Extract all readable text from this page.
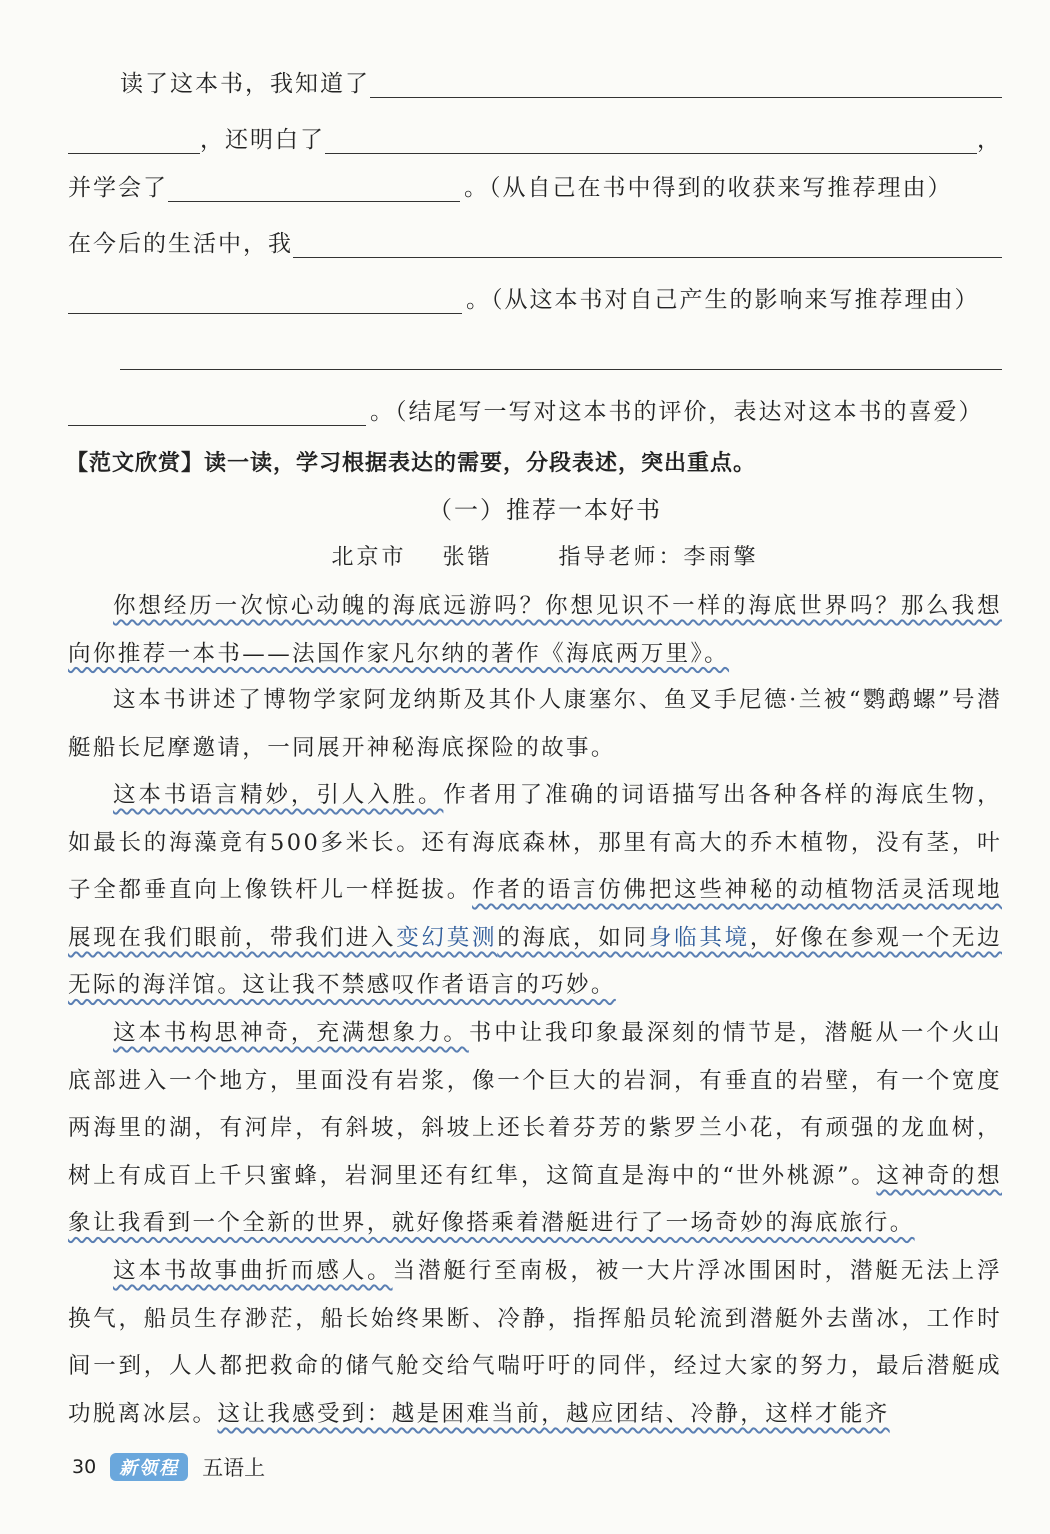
读了这本书，我知道了
，还明白了	，
并学会了	。（从自己在书中得到的收获来写推荐理由）
在今后的生活中，我
。（从这本书对自己产生的影响来写推荐理由）
。（结尾写一写对这本书的评价，表达对这本书的喜爱）
【范文欣赏】读一读，学习根据表达的需要，分段表述，突出重点。
（一）推荐一本好书
北京市 张锴	指导老师：李雨擎
你想经历一次惊心动魄的海底远游吗？你想见识不一样的海底世界吗？那么我想向你推荐一本书——法国作家凡尔纳的著作《海底两万里》。
这本书讲述了博物学家阿龙纳斯及其仆人康塞尔、鱼叉手尼德·兰被“鹦鹉螺”号潜艇船长尼摩邀请，一同展开神秘海底探险的故事。
这本书语言精妙，引人入胜。作者用了准确的词语描写出各种各样的海底生物，如最长的海藻竟有500多米长。还有海底森林，那里有高大的乔木植物，没有茎，叶子全都垂直向上像铁杆儿一样挺拔。作者的语言仿佛把这些神秘的动植物活灵活现地展现在我们眼前，带我们进入变幻莫测的海底，如同身临其境，好像在参观一个无边无际的海洋馆。这让我不禁感叹作者语言的巧妙。
这本书构思神奇，充满想象力。书中让我印象最深刻的情节是，潜艇从一个火山底部进入一个地方，里面没有岩浆，像一个巨大的岩洞，有垂直的岩壁，有一个宽度两海里的湖，有河岸，有斜坡，斜坡上还长着芬芳的紫罗兰小花，有顽强的龙血树，树上有成百上千只蜜蜂，岩洞里还有红隼，这简直是海中的“世外桃源”。这神奇的想象让我看到一个全新的世界，就好像搭乘着潜艇进行了一场奇妙的海底旅行。
这本书故事曲折而感人。当潜艇行至南极，被一大片浮冰围困时，潜艇无法上浮换气，船员生存渺茫，船长始终果断、冷静，指挥船员轮流到潜艇外去凿冰，工作时间一到，人人都把救命的储气舱交给气喘吁吁的同伴，经过大家的努力，最后潜艇成功脱离冰层。这让我感受到：越是困难当前，越应团结、冷静，这样才能齐
30	新领程	五语上
